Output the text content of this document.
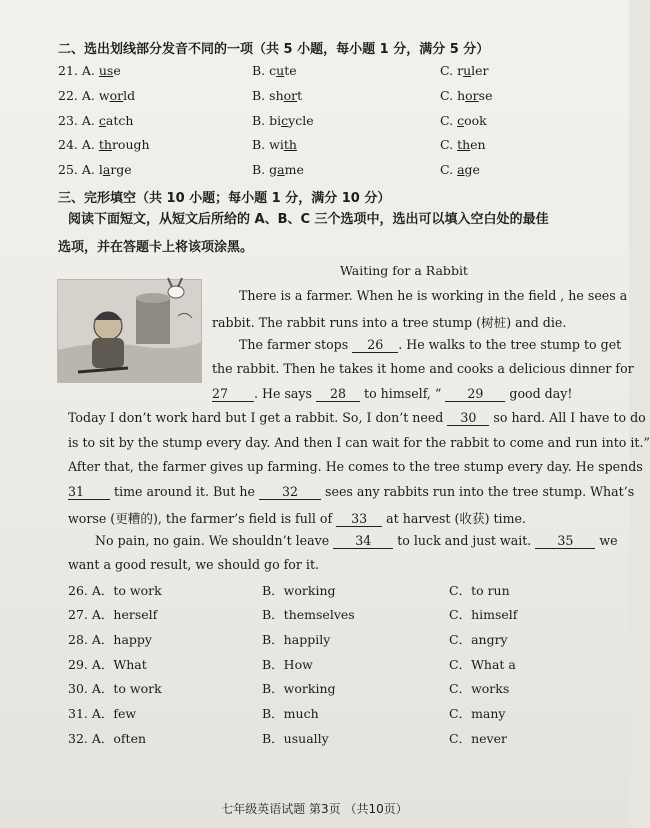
二、选出划线部分发音不同的一项（共 5 小题，每小题 1 分，满分 5 分）
21. A. use	B. cute	C. ruler
22. A. world	B. short	C. horse
23. A. catch	B. bicycle	C. cook
24. A. through	B. with	C. then
25. A. large	B. game	C. age
三、完形填空（共 10 小题；每小题 1 分，满分 10 分）
阅读下面短文，从短文后所给的 A、B、C 三个选项中，选出可以填入空白处的最佳
选项，并在答题卡上将该项涂黑。
Waiting for a Rabbit
There is a farmer. When he is working in the field , he sees a
rabbit. The rabbit runs into a tree stump (树桩) and die.
The farmer stops 26 . He walks to the tree stump to get
the rabbit. Then he takes it home and cooks a delicious dinner for
27 . He says 28 to himself, “ 29 good day!
Today I don’t work hard but I get a rabbit. So, I don’t need 30 so hard. All I have to do
is to sit by the stump every day. And then I can wait for the rabbit to come and run into it.”
After that, the farmer gives up farming. He comes to the tree stump every day. He spends
31 time around it. But he 32 sees any rabbits run into the tree stump. What’s
worse (更糟的), the farmer’s field is full of 33 at harvest (收获) time.
No pain, no gain. We shouldn’t leave 34 to luck and just wait. 35 we
want a good result, we should go for it.
26. A．to work	B．working	C．to run
27. A．herself	B．themselves	C．himself
28. A．happy	B．happily	C．angry
29. A．What	B．How	C．What a
30. A．to work	B．working	C．works
31. A．few	B．much	C．many
32. A．often	B．usually	C．never
七年级英语试题 第3页 （共10页）
